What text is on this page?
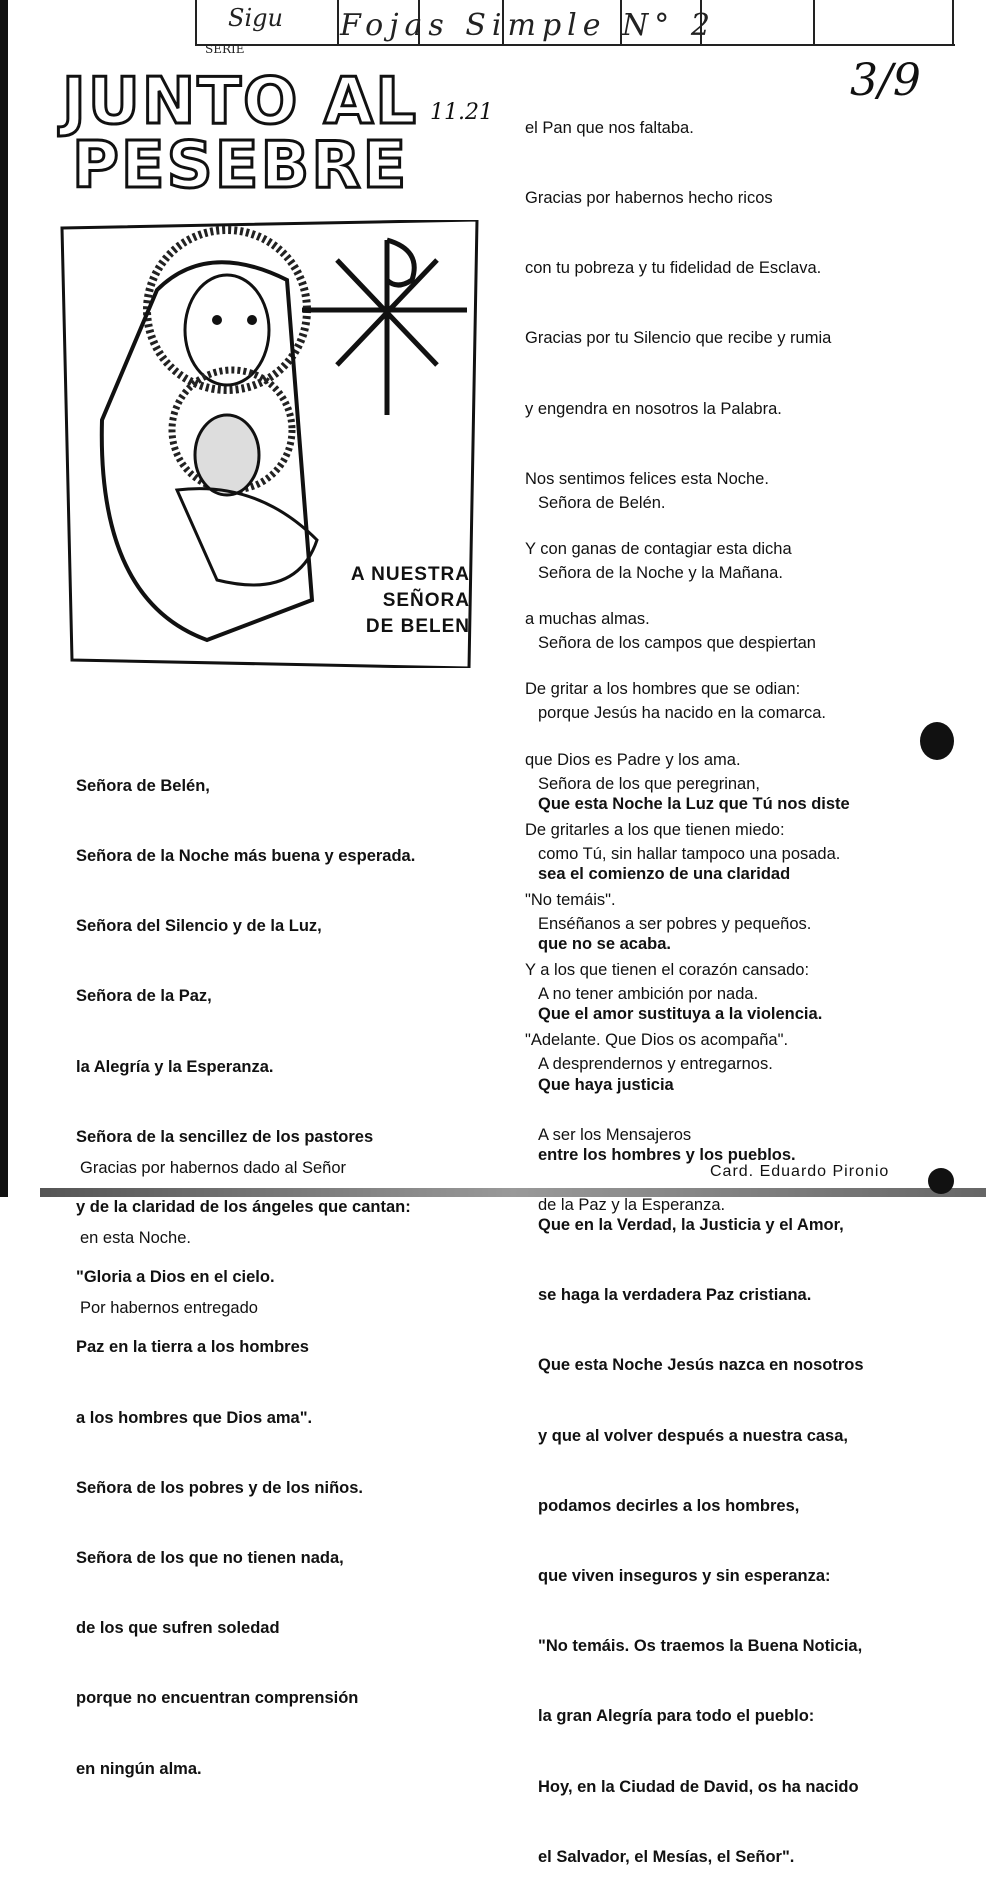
Sigu
SERIE
Fojas Simple N° 2
JUNTO AL
PESEBRE
11.21
3/9
A NUESTRA
SEÑORA
DE BELEN

el Pan que nos faltaba.

Gracias por habernos hecho ricos

con tu pobreza y tu fidelidad de Esclava.

Gracias por tu Silencio que recibe y rumia

y engendra en nosotros la Palabra.

Nos sentimos felices esta Noche.

Y con ganas de contagiar esta dicha

a muchas almas.

De gritar a los hombres que se odian:

que Dios es Padre y los ama.

De gritarles a los que tienen miedo:

"No temáis".

Y a los que tienen el corazón cansado:

"Adelante. Que Dios os acompaña".

Señora de Belén.

Señora de la Noche y la Mañana.

Señora de los campos que despiertan

porque Jesús ha nacido en la comarca.

Señora de los que peregrinan,

como Tú, sin hallar tampoco una posada.

Enséñanos a ser pobres y pequeños.

A no tener ambición por nada.

A desprendernos y entregarnos.

A ser los Mensajeros

de la Paz y la Esperanza.

Que esta Noche la Luz que Tú nos diste

sea el comienzo de una claridad

que no se acaba.

Que el amor sustituya a la violencia.

Que haya justicia

entre los hombres y los pueblos.

Que en la Verdad, la Justicia y el Amor,

se haga la verdadera Paz cristiana.

Que esta Noche Jesús nazca en nosotros

y que al volver después a nuestra casa,

podamos decirles a los hombres,

que viven inseguros y sin esperanza:

"No temáis. Os traemos la Buena Noticia,

la gran Alegría para todo el pueblo:

Hoy, en la Ciudad de David, os ha nacido

el Salvador, el Mesías, el Señor".

Card. Eduardo Pironio

Señora de Belén,

Señora de la Noche más buena y esperada.

Señora del Silencio y de la Luz,

Señora de la Paz,

la Alegría y la Esperanza.

Señora de la sencillez de los pastores

y de la claridad de los ángeles que cantan:

"Gloria a Dios en el cielo.

Paz en la tierra a los hombres

a los hombres que Dios ama".

Señora de los pobres y de los niños.

Señora de los que no tienen nada,

de los que sufren soledad

porque no encuentran comprensión

en ningún alma.

Gracias por habernos dado al Señor

en esta Noche.

Por habernos entregado
